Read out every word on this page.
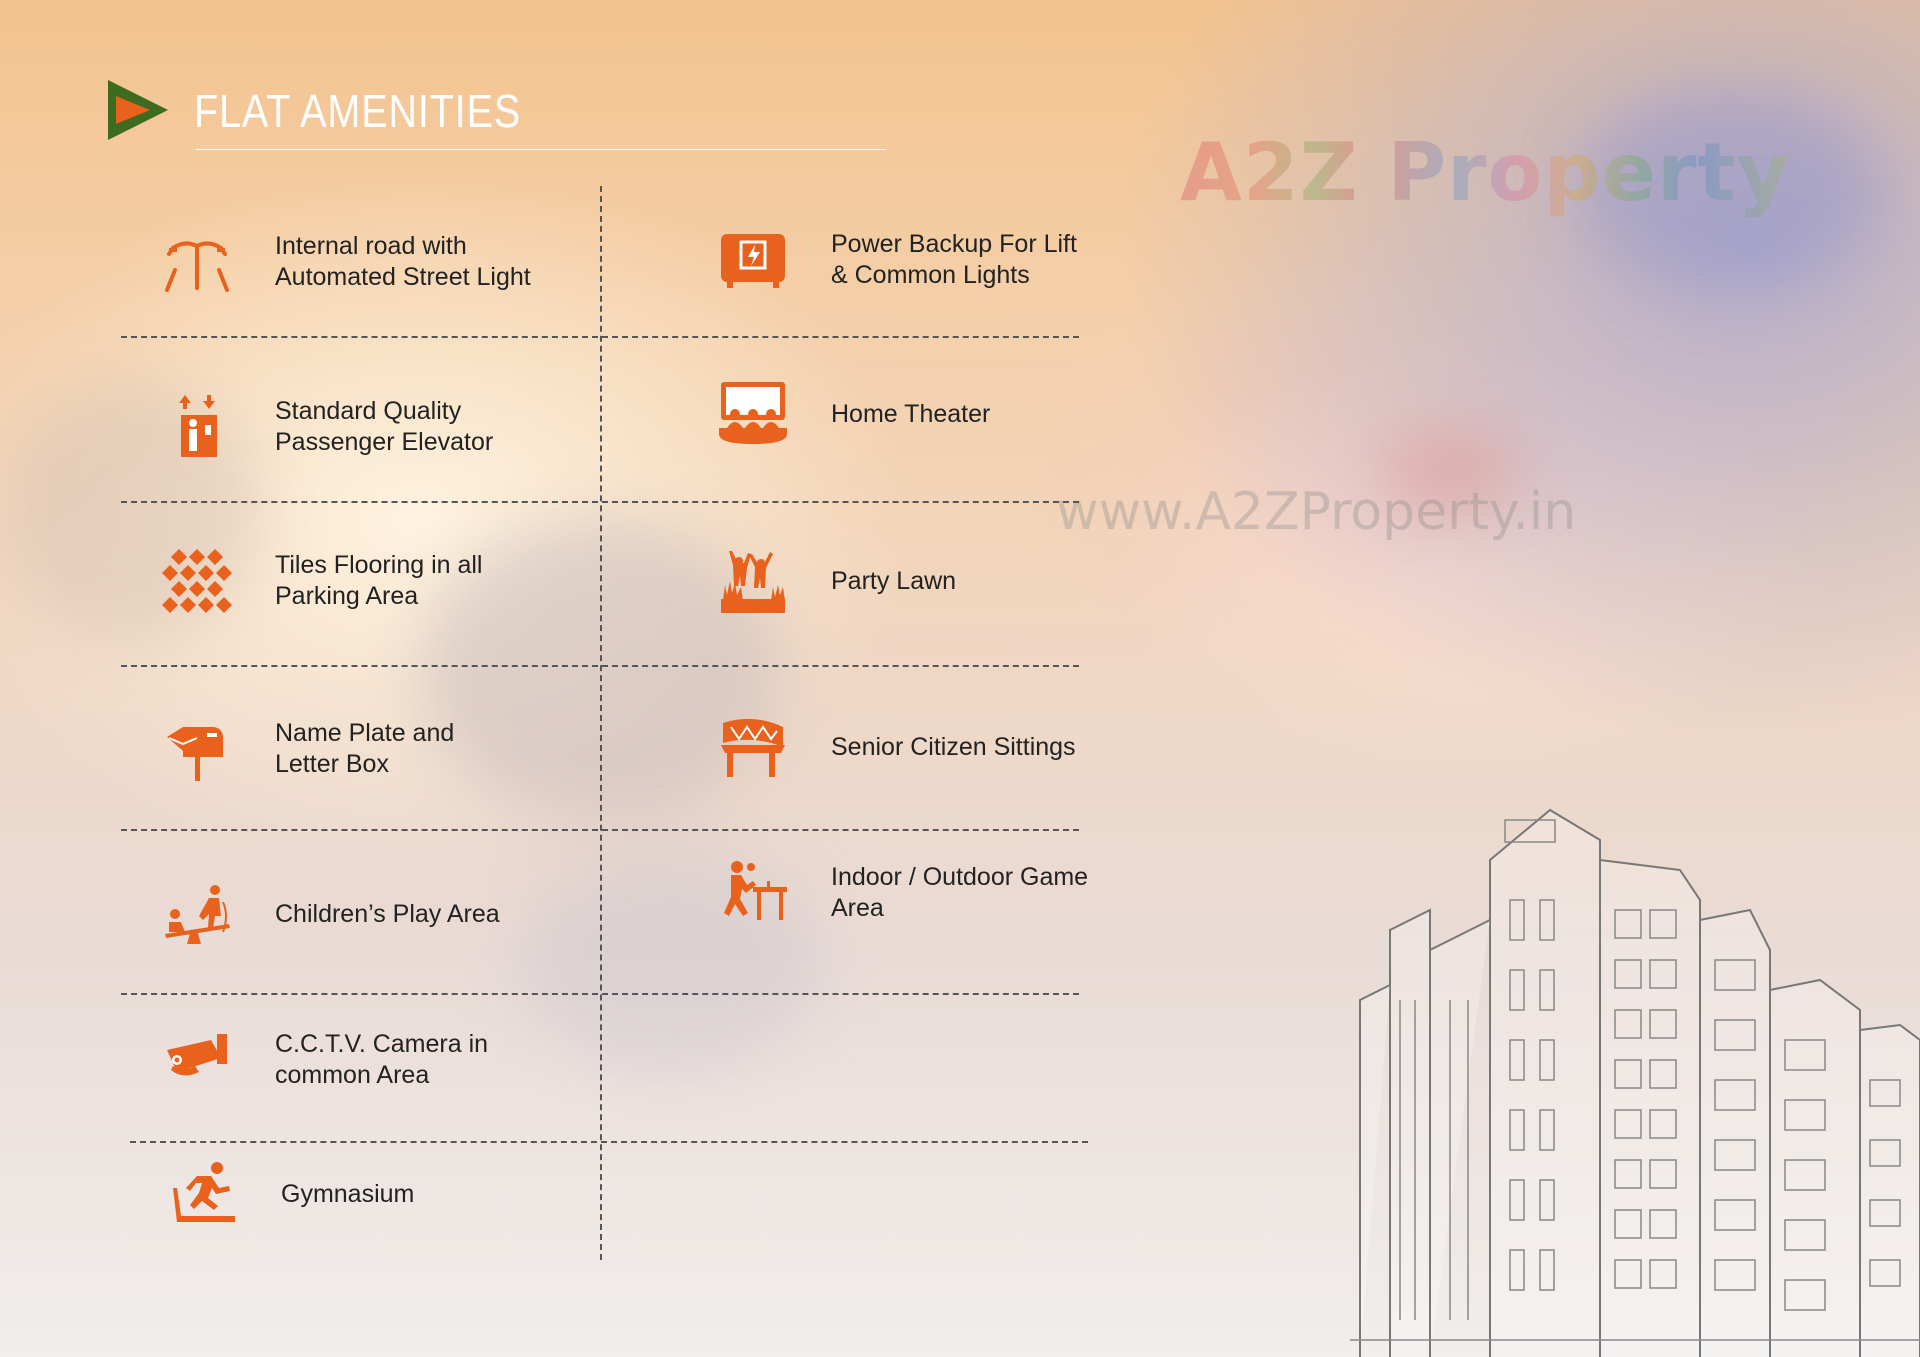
A2Z Property
www.A2ZProperty.in
FLAT AMENITIES
Internal road with
Automated Street Light
Standard Quality
Passenger Elevator
Tiles Flooring in all
Parking Area
Name Plate and
Letter Box
Children’s Play Area
C.C.T.V. Camera in
common Area
Gymnasium
Power Backup For Lift
& Common Lights
Home Theater
Party Lawn
Senior Citizen Sittings
Indoor / Outdoor Game
Area
